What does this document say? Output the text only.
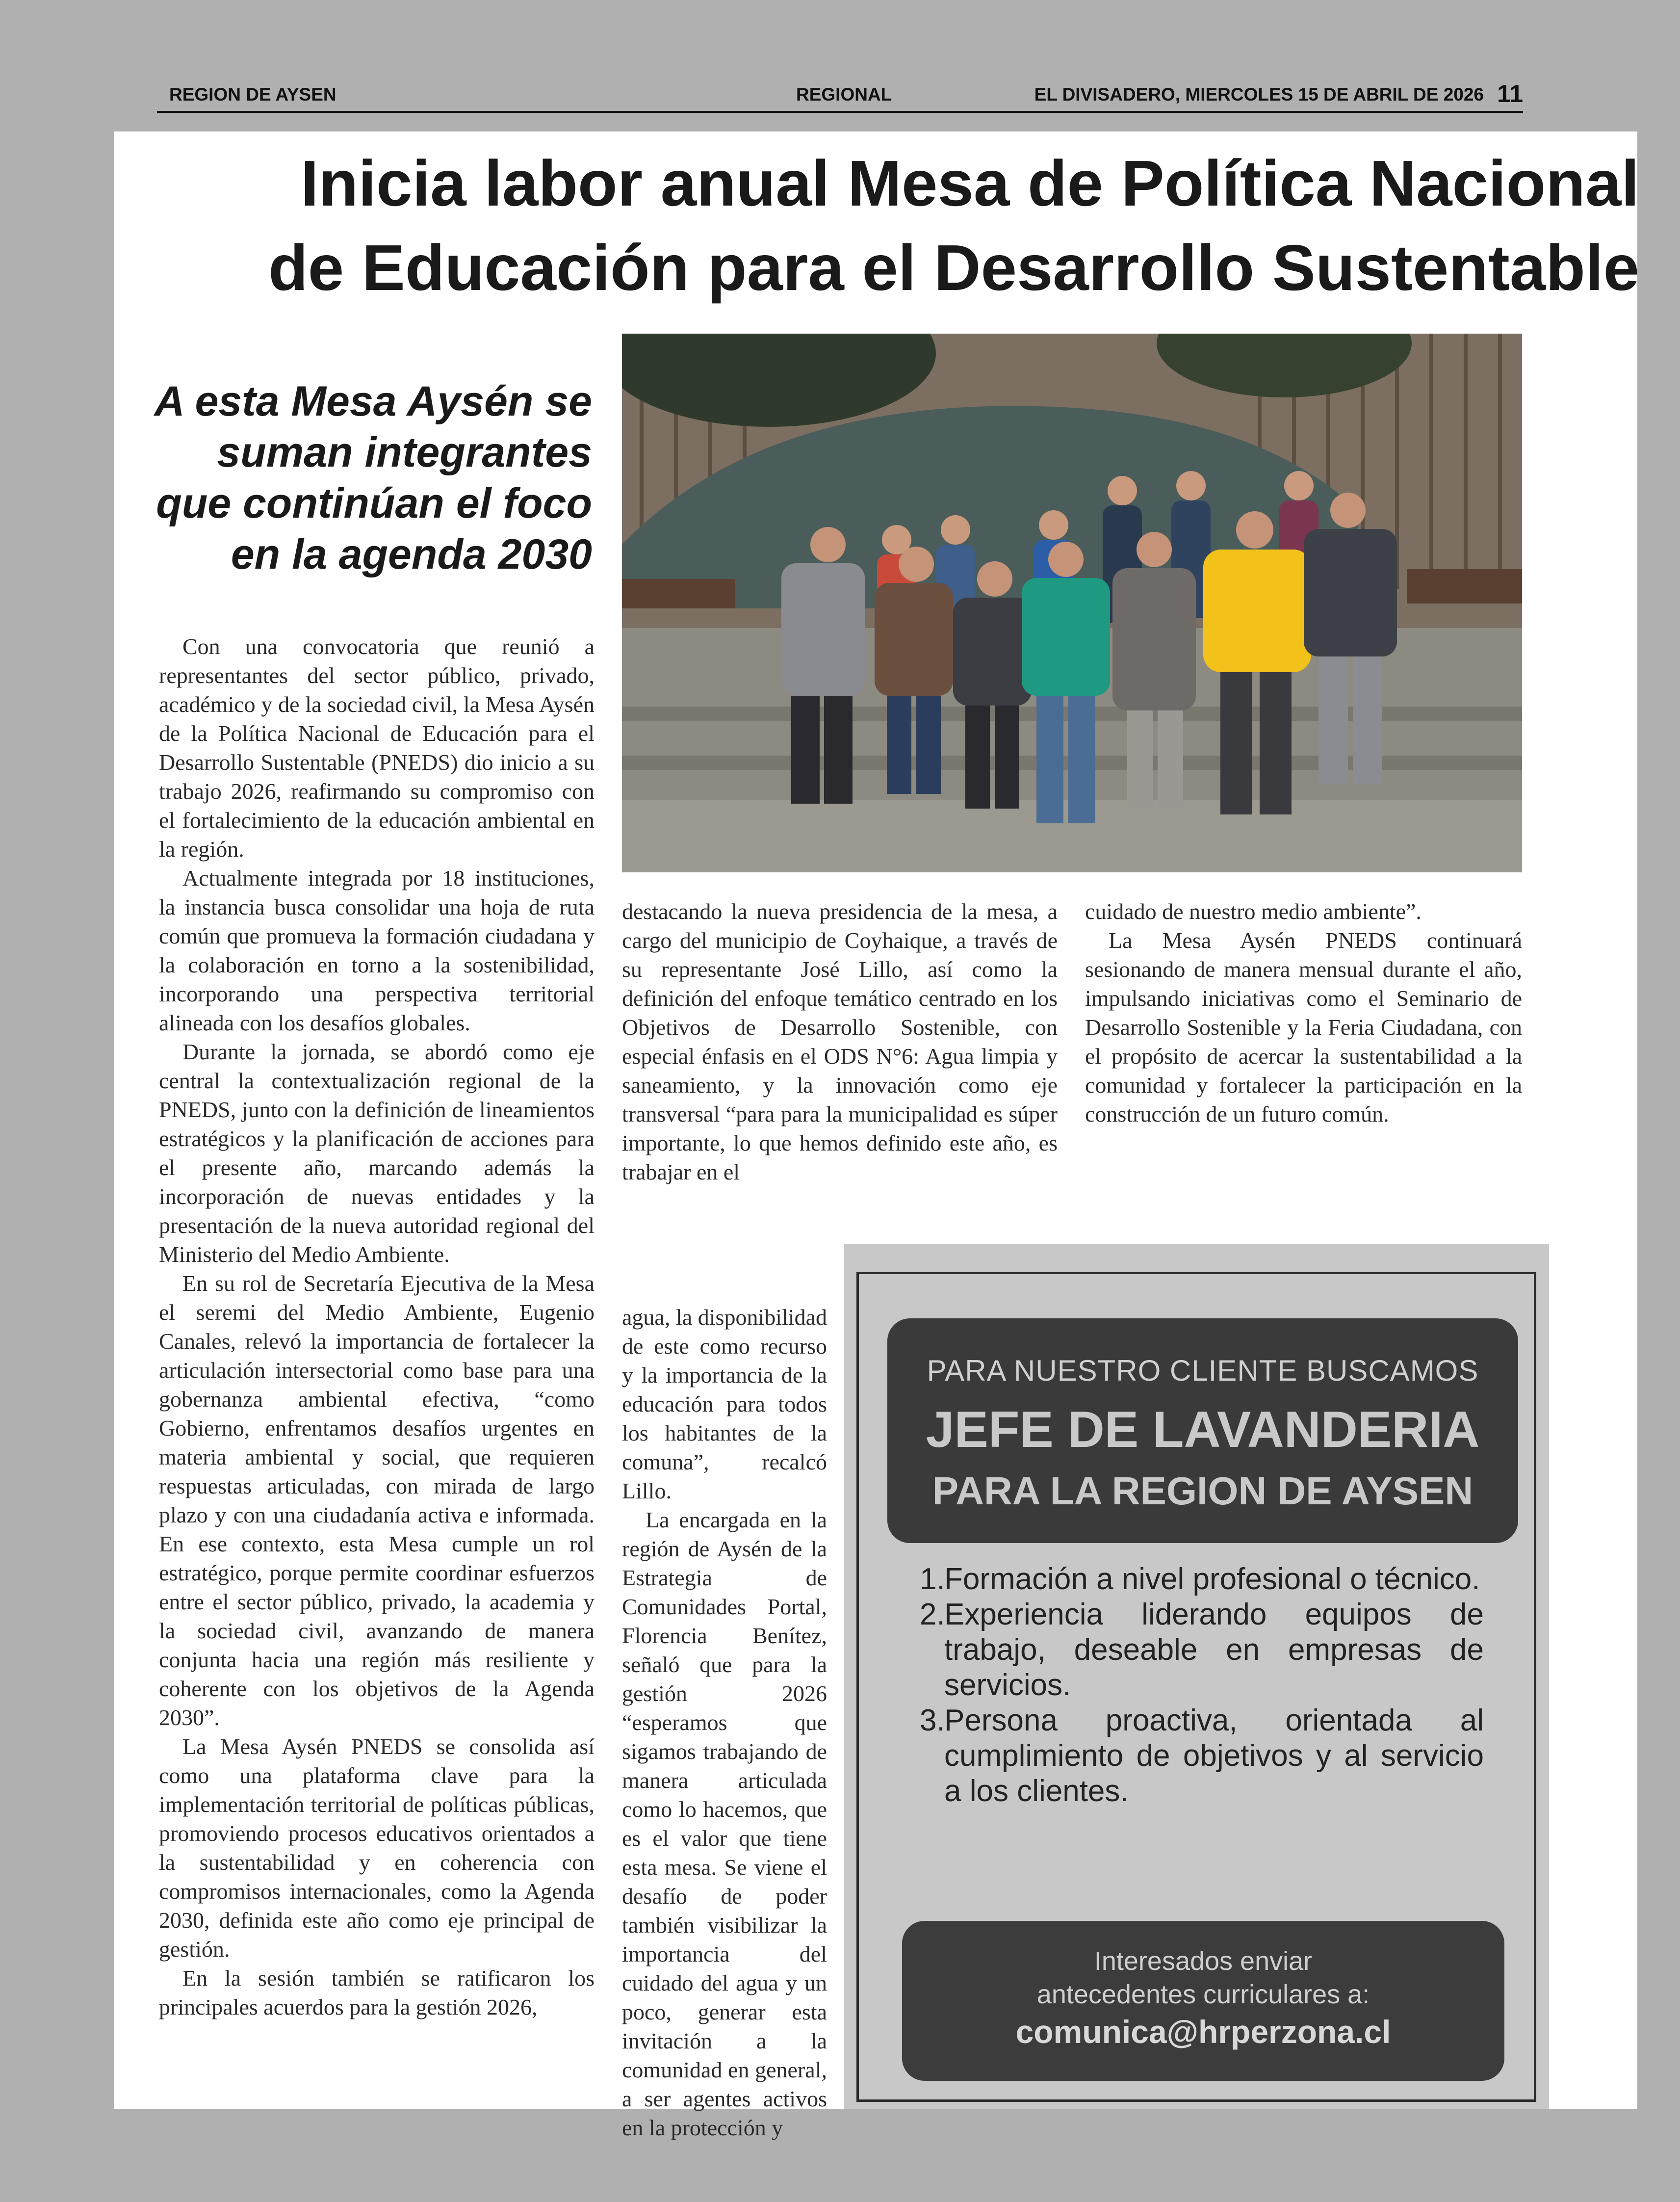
REGION DE AYSEN	REGIONAL	EL DIVISADERO, MIERCOLES 15 DE ABRIL DE 2026 11
Inicia labor anual Mesa de Política Nacional
de Educación para el Desarrollo Sustentable
A esta Mesa Aysén se
suman integrantes
que continúan el foco
en la agenda 2030

Con una convocatoria que reunió a representantes del sector público, privado, académico y de la sociedad civil, la Mesa Aysén de la Política Nacional de Educación para el Desarrollo Sustentable (PNEDS) dio inicio a su trabajo 2026, reafirmando su compromiso con el fortalecimiento de la educación ambiental en la región.

Actualmente integrada por 18 instituciones, la instancia busca consolidar una hoja de ruta común que promueva la formación ciudadana y la colaboración en torno a la sostenibilidad, incorporando una perspectiva territorial alineada con los desafíos globales.

Durante la jornada, se abordó como eje central la contextualización regional de la PNEDS, junto con la definición de lineamientos estratégicos y la planificación de acciones para el presente año, marcando además la incorporación de nuevas entidades y la presentación de la nueva autoridad regional del Ministerio del Medio Ambiente.

En su rol de Secretaría Ejecutiva de la Mesa el seremi del Medio Ambiente, Eugenio Canales, relevó la importancia de fortalecer la articulación intersectorial como base para una gobernanza ambiental efectiva, “como Gobierno, enfrentamos desafíos urgentes en materia ambiental y social, que requieren respuestas articuladas, con mirada de largo plazo y con una ciudadanía activa e informada. En ese contexto, esta Mesa cumple un rol estratégico, porque permite coordinar esfuerzos entre el sector público, privado, la academia y la sociedad civil, avanzando de manera conjunta hacia una región más resiliente y coherente con los objetivos de la Agenda 2030”.

La Mesa Aysén PNEDS se consolida así como una plataforma clave para la implementación territorial de políticas públicas, promoviendo procesos educativos orientados a la sustentabilidad y en coherencia con compromisos internacionales, como la Agenda 2030, definida este año como eje principal de gestión.

En la sesión también se ratificaron los principales acuerdos para la gestión 2026,

destacando la nueva presidencia de la mesa, a cargo del municipio de Coyhaique, a través de su representante José Lillo, así como la definición del enfoque temático centrado en los Objetivos de Desarrollo Sostenible, con especial énfasis en el ODS N°6: Agua limpia y saneamiento, y la innovación como eje transversal “para para la municipalidad es súper importante, lo que hemos definido este año, es trabajar en el

agua, la disponibilidad de este como recurso y la importancia de la educación para todos los habitantes de la comuna”, recalcó Lillo.

La encargada en la región de Aysén de la Estrategia de Comunidades Portal, Florencia Benítez, señaló que para la gestión 2026 “esperamos que sigamos trabajando de manera articulada como lo hacemos, que es el valor que tiene esta mesa. Se viene el desafío de poder también visibilizar la importancia del cuidado del agua y un poco, generar esta invitación a la comunidad en general, a ser agentes activos en la protección y

cuidado de nuestro medio ambiente”.

La Mesa Aysén PNEDS continuará sesionando de manera mensual durante el año, impulsando iniciativas como el Seminario de Desarrollo Sostenible y la Feria Ciudadana, con el propósito de acercar la sustentabilidad a la comunidad y fortalecer la participación en la construcción de un futuro común.

PARA NUESTRO CLIENTE BUSCAMOS
JEFE DE LAVANDERIA
PARA LA REGION DE AYSEN
1.
Formación a nivel profesional o técnico.
2.
Experiencia liderando equipos de trabajo, deseable en empresas de servicios.
3.
Persona proactiva, orientada al cumplimiento de objetivos y al servicio a los clientes.
Interesados enviar
antecedentes curriculares a:
comunica@hrperzona.cl
